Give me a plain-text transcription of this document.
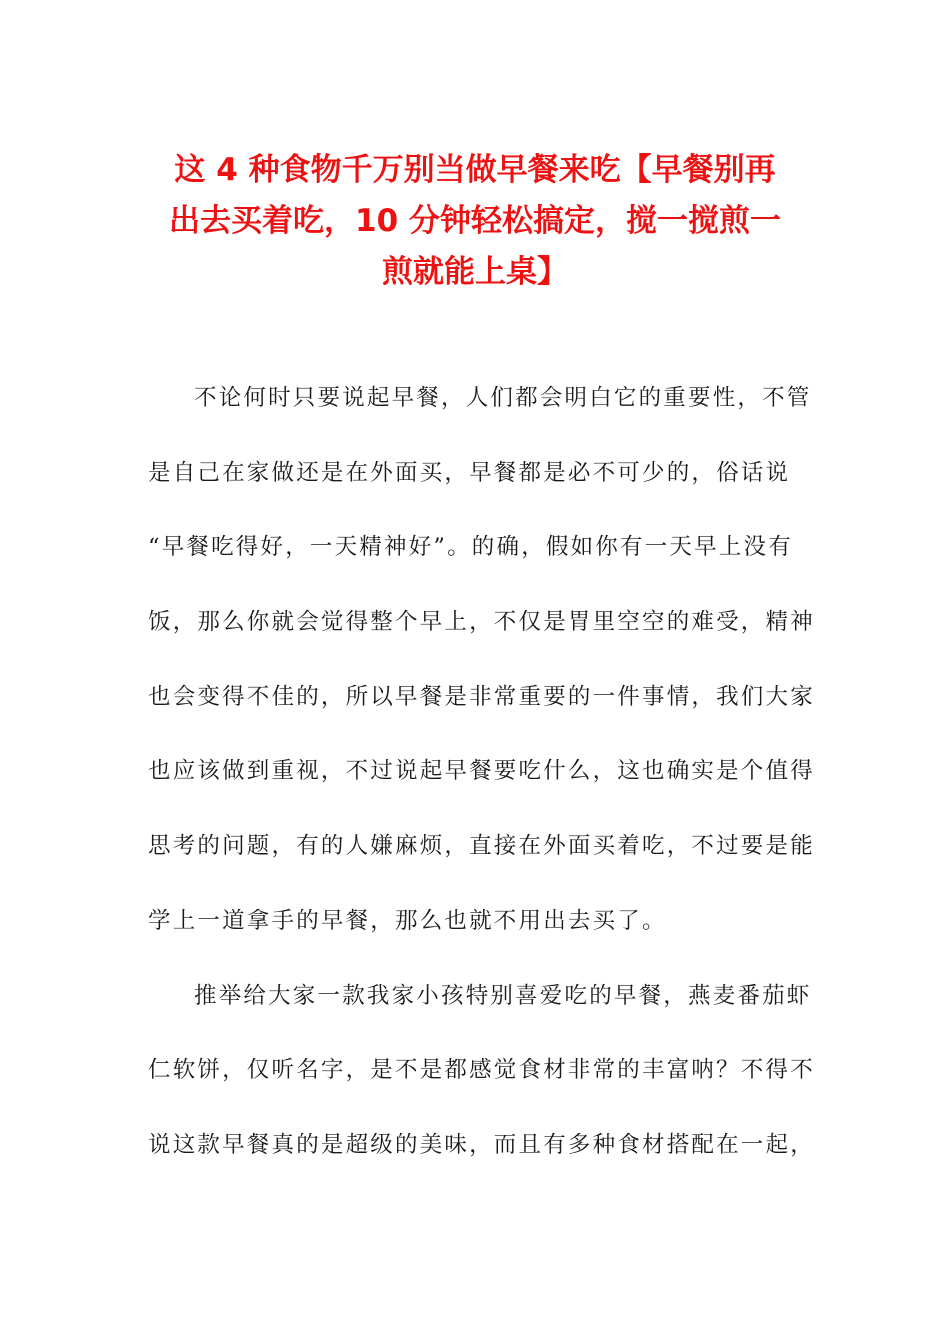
这 4 种食物千万别当做早餐来吃【早餐别再
出去买着吃，10 分钟轻松搞定，搅一搅煎一
煎就能上桌】
不论何时只要说起早餐，人们都会明白它的重要性，不管
是自己在家做还是在外面买，早餐都是必不可少的，俗话说
“早餐吃得好，一天精神好”。的确，假如你有一天早上没有
饭，那么你就会觉得整个早上，不仅是胃里空空的难受，精神
也会变得不佳的，所以早餐是非常重要的一件事情，我们大家
也应该做到重视，不过说起早餐要吃什么，这也确实是个值得
思考的问题，有的人嫌麻烦，直接在外面买着吃，不过要是能
学上一道拿手的早餐，那么也就不用出去买了。
推举给大家一款我家小孩特别喜爱吃的早餐，燕麦番茄虾
仁软饼，仅听名字，是不是都感觉食材非常的丰富呐？不得不
说这款早餐真的是超级的美味，而且有多种食材搭配在一起，
